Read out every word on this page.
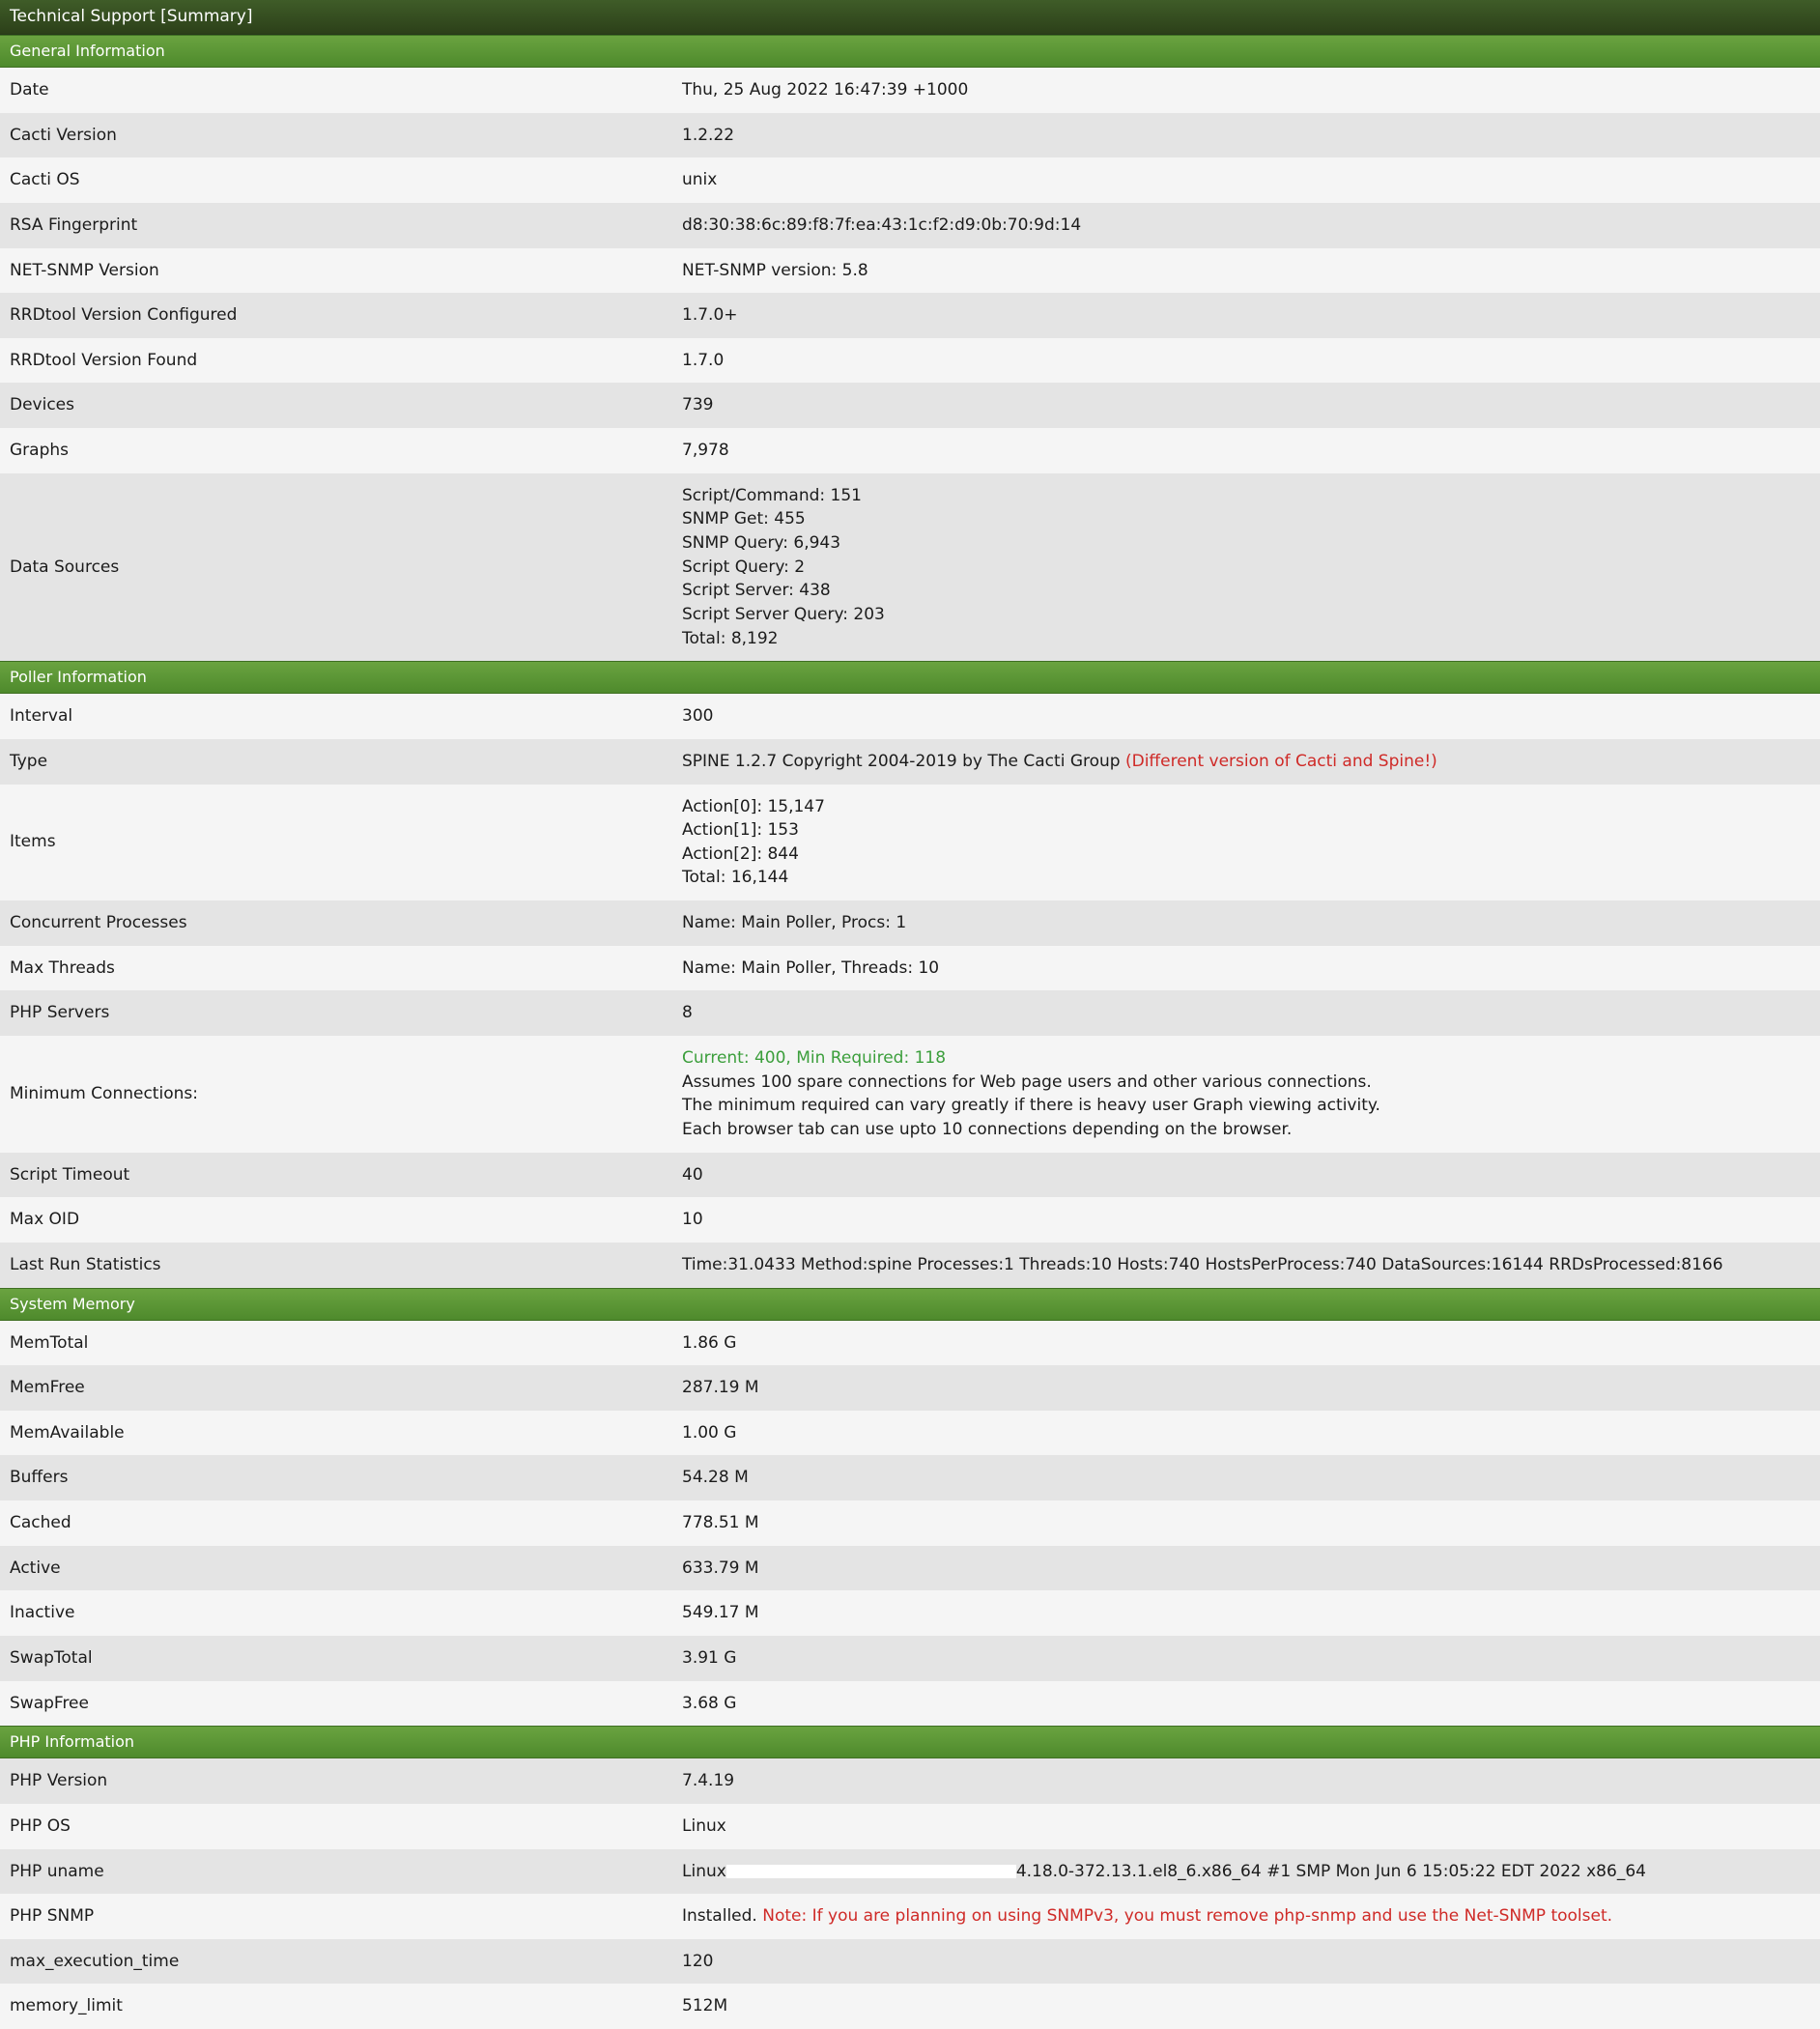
Technical Support [Summary]
General Information
Date	Thu, 25 Aug 2022 16:47:39 +1000

Cacti Version	1.2.22

Cacti OS	unix

RSA Fingerprint	d8:30:38:6c:89:f8:7f:ea:43:1c:f2:d9:0b:70:9d:14

NET-SNMP Version	NET-SNMP version: 5.8

RRDtool Version Configured	1.7.0+

RRDtool Version Found	1.7.0

Devices	739

Graphs	7,978

Data Sources	
Script/Command: 151
SNMP Get: 455
SNMP Query: 6,943
Script Query: 2
Script Server: 438
Script Server Query: 203
Total: 8,192
Poller Information
Interval	300

Type	SPINE 1.2.7 Copyright 2004-2019 by The Cacti Group (Different version of Cacti and Spine!)

Items	Action[0]: 15,147
Action[1]: 153
Action[2]: 844
Total: 16,144

Concurrent Processes	Name: Main Poller, Procs: 1

Max Threads	Name: Main Poller, Threads: 10

PHP Servers	8

Minimum Connections:	Current: 400, Min Required: 118
Assumes 100 spare connections for Web page users and other various connections.
The minimum required can vary greatly if there is heavy user Graph viewing activity.
Each browser tab can use upto 10 connections depending on the browser.

Script Timeout	40

Max OID	10

Last Run Statistics	Time:31.0433 Method:spine Processes:1 Threads:10 Hosts:740 HostsPerProcess:740 DataSources:16144 RRDsProcessed:8166
System Memory
MemTotal	1.86 G

MemFree	287.19 M

MemAvailable	1.00 G

Buffers	54.28 M

Cached	778.51 M

Active	633.79 M

Inactive	549.17 M

SwapTotal	3.91 G

SwapFree	3.68 G
PHP Information
PHP Version	7.4.19

PHP OS	Linux

PHP uname	Linux 4.18.0-372.13.1.el8_6.x86_64 #1 SMP Mon Jun 6 15:05:22 EDT 2022 x86_64

PHP SNMP	Installed. Note: If you are planning on using SNMPv3, you must remove php-snmp and use the Net-SNMP toolset.

max_execution_time	120

memory_limit	512M
